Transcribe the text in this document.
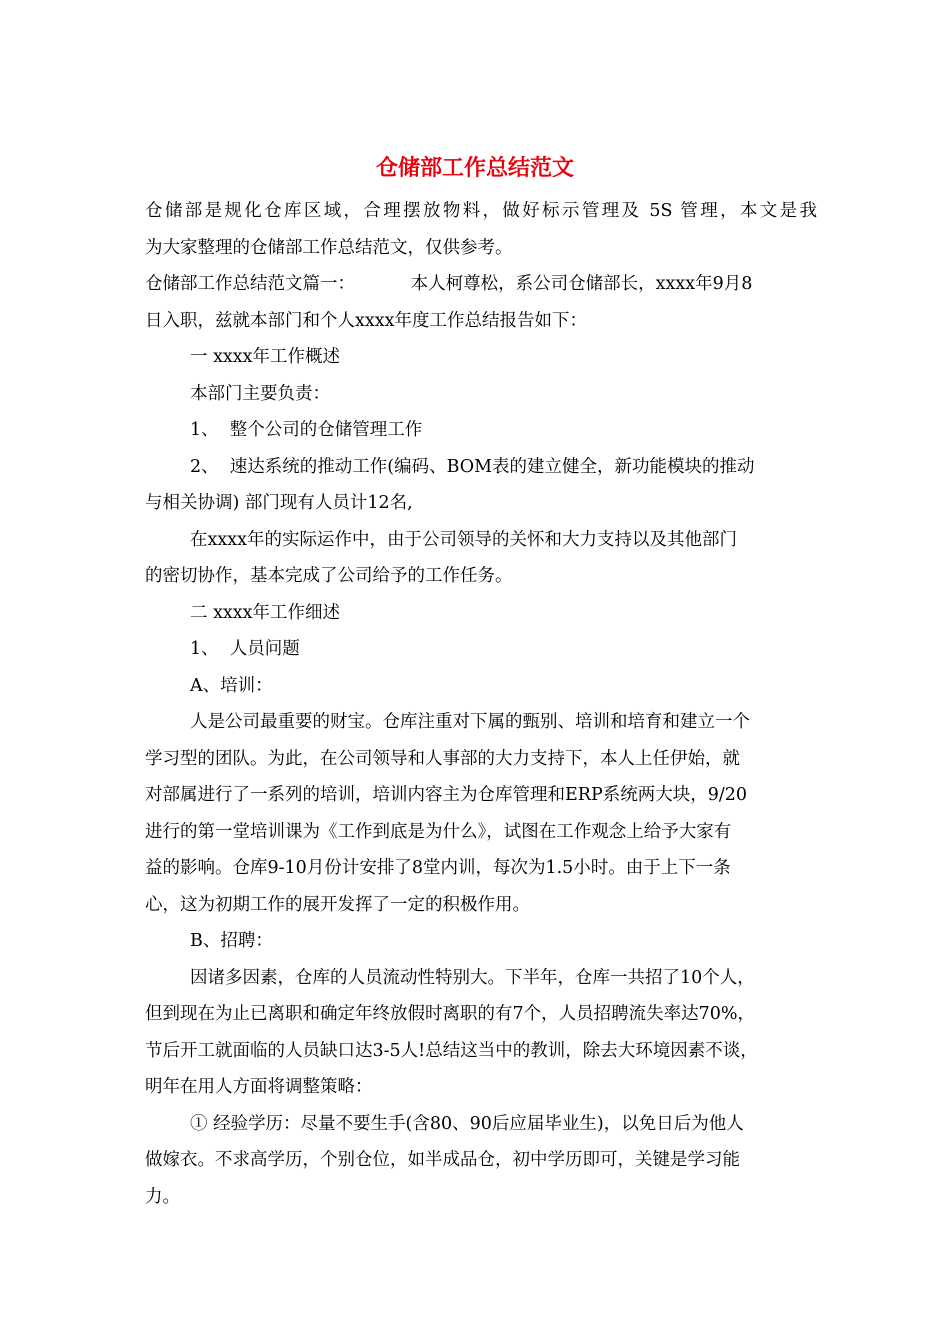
仓储部工作总结范文
仓储部是规化仓库区域，合理摆放物料，做好标示管理及 5S 管理，本文是我
为大家整理的仓储部工作总结范文，仅供参考。
仓储部工作总结范文篇一：          本人柯尊松，系公司仓储部长，xxxx年9月8
日入职，兹就本部门和个人xxxx年度工作总结报告如下：
一 xxxx年工作概述
本部门主要负责：
1、  整个公司的仓储管理工作
2、  速达系统的推动工作(编码、BOM表的建立健全，新功能模块的推动
与相关协调) 部门现有人员计12名,
在xxxx年的实际运作中，由于公司领导的关怀和大力支持以及其他部门
的密切协作，基本完成了公司给予的工作任务。
二 xxxx年工作细述
1、  人员问题
A、培训：
人是公司最重要的财宝。仓库注重对下属的甄别、培训和培育和建立一个
学习型的团队。为此，在公司领导和人事部的大力支持下，本人上任伊始，就
对部属进行了一系列的培训，培训内容主为仓库管理和ERP系统两大块，9/20
进行的第一堂培训课为《工作到底是为什么》，试图在工作观念上给予大家有
益的影响。仓库9-10月份计安排了8堂内训，每次为1.5小时。由于上下一条
心，这为初期工作的展开发挥了一定的积极作用。
B、招聘：
因诸多因素，仓库的人员流动性特别大。下半年，仓库一共招了10个人，
但到现在为止已离职和确定年终放假时离职的有7个，人员招聘流失率达70%，
节后开工就面临的人员缺口达3-5人!总结这当中的教训，除去大环境因素不谈，
明年在用人方面将调整策略：
① 经验学历：尽量不要生手(含80、90后应届毕业生)，以免日后为他人
做嫁衣。不求高学历，个别仓位，如半成品仓，初中学历即可，关键是学习能
力。
